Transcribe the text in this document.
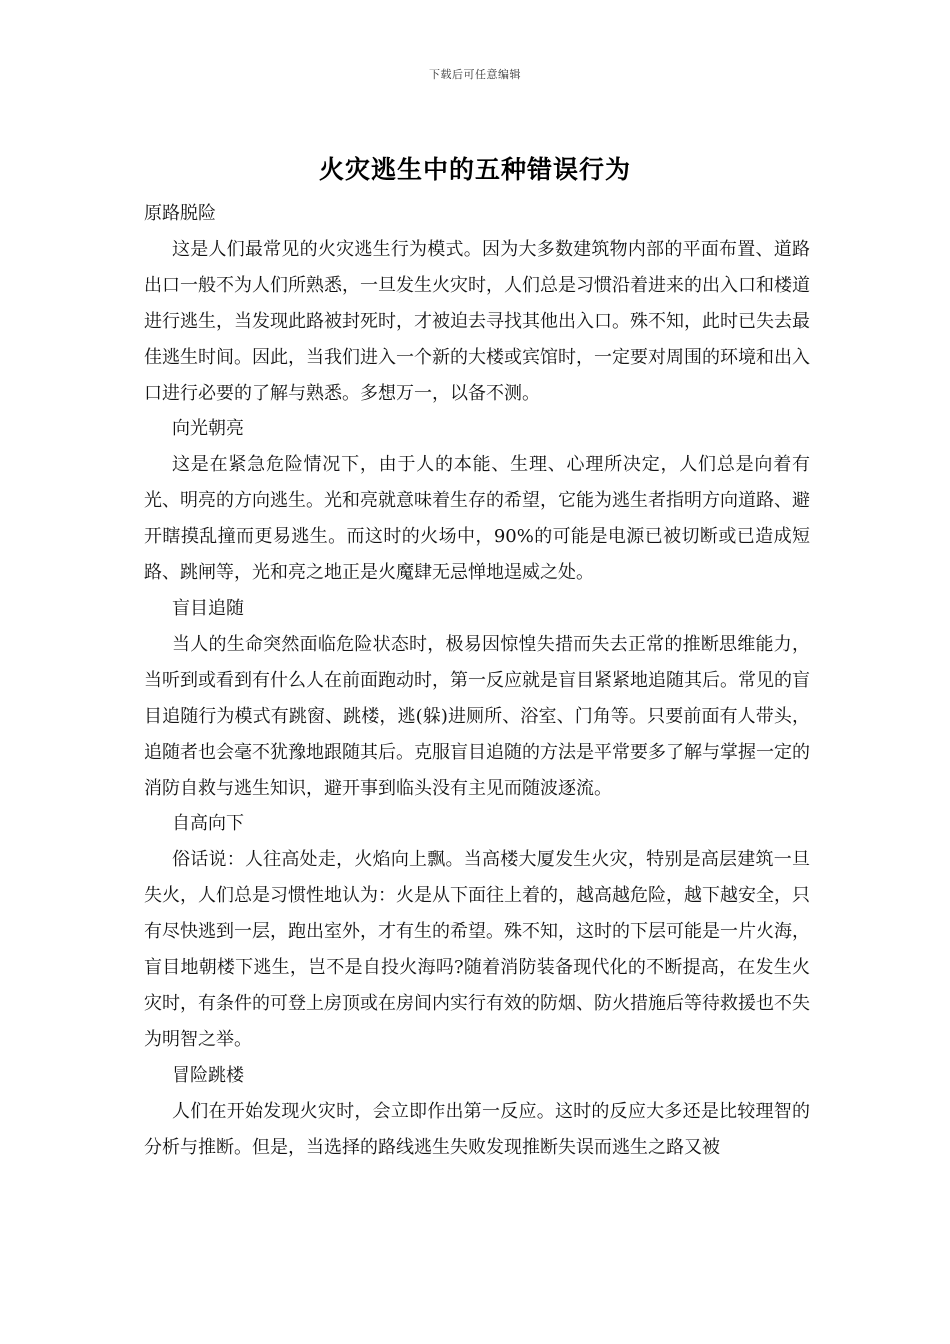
下载后可任意编辑
火灾逃生中的五种错误行为

原路脱险

这是人们最常见的火灾逃生行为模式。因为大多数建筑物内部的平面布置、道路出口一般不为人们所熟悉，一旦发生火灾时，人们总是习惯沿着进来的出入口和楼道进行逃生，当发现此路被封死时，才被迫去寻找其他出入口。殊不知，此时已失去最佳逃生时间。因此，当我们进入一个新的大楼或宾馆时，一定要对周围的环境和出入口进行必要的了解与熟悉。多想万一，以备不测。

向光朝亮

这是在紧急危险情况下，由于人的本能、生理、心理所决定，人们总是向着有光、明亮的方向逃生。光和亮就意味着生存的希望，它能为逃生者指明方向道路、避开瞎摸乱撞而更易逃生。而这时的火场中，90%的可能是电源已被切断或已造成短路、跳闸等，光和亮之地正是火魔肆无忌惮地逞威之处。

盲目追随

当人的生命突然面临危险状态时，极易因惊惶失措而失去正常的推断思维能力，当听到或看到有什么人在前面跑动时，第一反应就是盲目紧紧地追随其后。常见的盲目追随行为模式有跳窗、跳楼，逃(躲)进厕所、浴室、门角等。只要前面有人带头，追随者也会毫不犹豫地跟随其后。克服盲目追随的方法是平常要多了解与掌握一定的消防自救与逃生知识，避开事到临头没有主见而随波逐流。

自高向下

俗话说：人往高处走，火焰向上飘。当高楼大厦发生火灾，特别是高层建筑一旦失火，人们总是习惯性地认为：火是从下面往上着的，越高越危险，越下越安全，只有尽快逃到一层，跑出室外，才有生的希望。殊不知，这时的下层可能是一片火海，盲目地朝楼下逃生，岂不是自投火海吗?随着消防装备现代化的不断提高，在发生火灾时，有条件的可登上房顶或在房间内实行有效的防烟、防火措施后等待救援也不失为明智之举。

冒险跳楼

人们在开始发现火灾时，会立即作出第一反应。这时的反应大多还是比较理智的分析与推断。但是，当选择的路线逃生失败发现推断失误而逃生之路又被
